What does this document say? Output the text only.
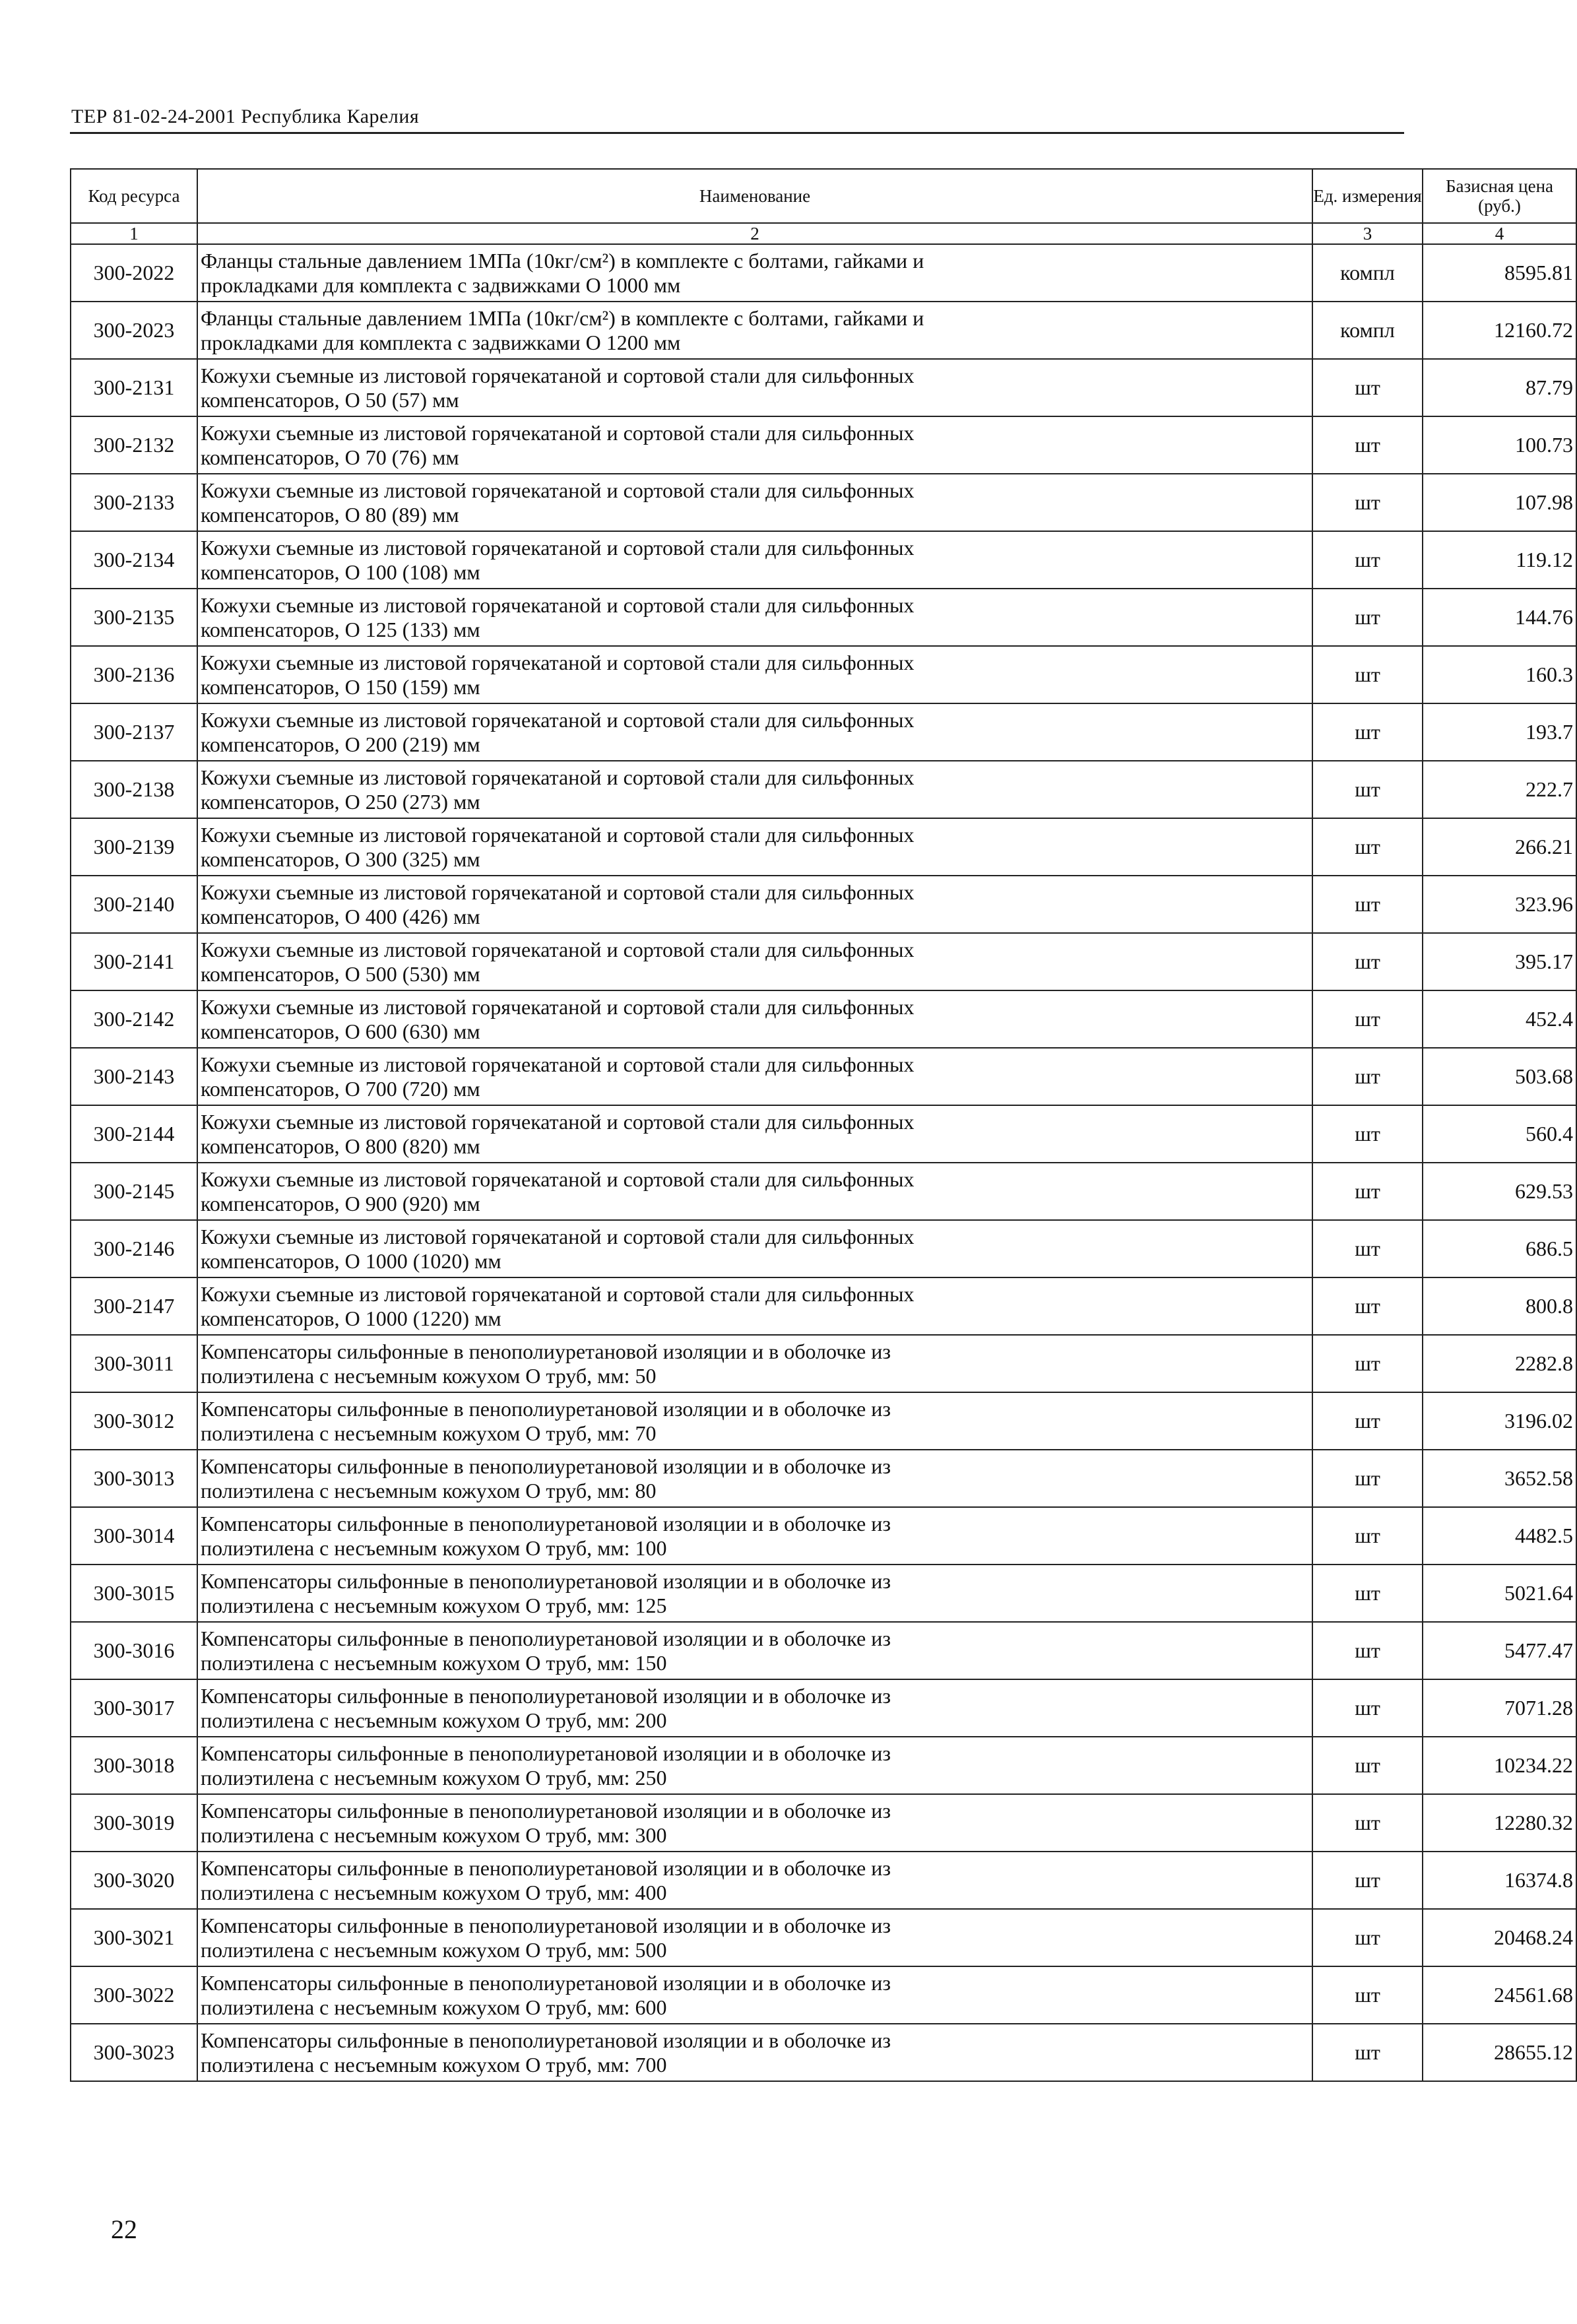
ТЕР 81-02-24-2001 Республика Карелия
Код ресурса	Наименование	Ед. измерения	Базисная цена (руб.)
1	2	3	4
300-2022	Фланцы стальные давлением 1МПа (10кг/см²) в комплекте с болтами, гайками и
прокладками для комплекта с задвижками О 1000 мм	компл	8595.81
300-2023	Фланцы стальные давлением 1МПа (10кг/см²) в комплекте с болтами, гайками и
прокладками для комплекта с задвижками О 1200 мм	компл	12160.72
300-2131	Кожухи съемные из листовой горячекатаной и сортовой стали для сильфонных
компенсаторов, О 50 (57) мм	шт	87.79
300-2132	Кожухи съемные из листовой горячекатаной и сортовой стали для сильфонных
компенсаторов, О 70 (76) мм	шт	100.73
300-2133	Кожухи съемные из листовой горячекатаной и сортовой стали для сильфонных
компенсаторов, О 80 (89) мм	шт	107.98
300-2134	Кожухи съемные из листовой горячекатаной и сортовой стали для сильфонных
компенсаторов, О 100 (108) мм	шт	119.12
300-2135	Кожухи съемные из листовой горячекатаной и сортовой стали для сильфонных
компенсаторов, О 125 (133) мм	шт	144.76
300-2136	Кожухи съемные из листовой горячекатаной и сортовой стали для сильфонных
компенсаторов, О 150 (159) мм	шт	160.3
300-2137	Кожухи съемные из листовой горячекатаной и сортовой стали для сильфонных
компенсаторов, О 200 (219) мм	шт	193.7
300-2138	Кожухи съемные из листовой горячекатаной и сортовой стали для сильфонных
компенсаторов, О 250 (273) мм	шт	222.7
300-2139	Кожухи съемные из листовой горячекатаной и сортовой стали для сильфонных
компенсаторов, О 300 (325) мм	шт	266.21
300-2140	Кожухи съемные из листовой горячекатаной и сортовой стали для сильфонных
компенсаторов, О 400 (426) мм	шт	323.96
300-2141	Кожухи съемные из листовой горячекатаной и сортовой стали для сильфонных
компенсаторов, О 500 (530) мм	шт	395.17
300-2142	Кожухи съемные из листовой горячекатаной и сортовой стали для сильфонных
компенсаторов, О 600 (630) мм	шт	452.4
300-2143	Кожухи съемные из листовой горячекатаной и сортовой стали для сильфонных
компенсаторов, О 700 (720) мм	шт	503.68
300-2144	Кожухи съемные из листовой горячекатаной и сортовой стали для сильфонных
компенсаторов, О 800 (820) мм	шт	560.4
300-2145	Кожухи съемные из листовой горячекатаной и сортовой стали для сильфонных
компенсаторов, О 900 (920) мм	шт	629.53
300-2146	Кожухи съемные из листовой горячекатаной и сортовой стали для сильфонных
компенсаторов, О 1000 (1020) мм	шт	686.5
300-2147	Кожухи съемные из листовой горячекатаной и сортовой стали для сильфонных
компенсаторов, О 1000 (1220) мм	шт	800.8
300-3011	Компенсаторы сильфонные в пенополиуретановой изоляции и в оболочке из
полиэтилена с несъемным кожухом О труб, мм: 50	шт	2282.8
300-3012	Компенсаторы сильфонные в пенополиуретановой изоляции и в оболочке из
полиэтилена с несъемным кожухом О труб, мм: 70	шт	3196.02
300-3013	Компенсаторы сильфонные в пенополиуретановой изоляции и в оболочке из
полиэтилена с несъемным кожухом О труб, мм: 80	шт	3652.58
300-3014	Компенсаторы сильфонные в пенополиуретановой изоляции и в оболочке из
полиэтилена с несъемным кожухом О труб, мм: 100	шт	4482.5
300-3015	Компенсаторы сильфонные в пенополиуретановой изоляции и в оболочке из
полиэтилена с несъемным кожухом О труб, мм: 125	шт	5021.64
300-3016	Компенсаторы сильфонные в пенополиуретановой изоляции и в оболочке из
полиэтилена с несъемным кожухом О труб, мм: 150	шт	5477.47
300-3017	Компенсаторы сильфонные в пенополиуретановой изоляции и в оболочке из
полиэтилена с несъемным кожухом О труб, мм: 200	шт	7071.28
300-3018	Компенсаторы сильфонные в пенополиуретановой изоляции и в оболочке из
полиэтилена с несъемным кожухом О труб, мм: 250	шт	10234.22
300-3019	Компенсаторы сильфонные в пенополиуретановой изоляции и в оболочке из
полиэтилена с несъемным кожухом О труб, мм: 300	шт	12280.32
300-3020	Компенсаторы сильфонные в пенополиуретановой изоляции и в оболочке из
полиэтилена с несъемным кожухом О труб, мм: 400	шт	16374.8
300-3021	Компенсаторы сильфонные в пенополиуретановой изоляции и в оболочке из
полиэтилена с несъемным кожухом О труб, мм: 500	шт	20468.24
300-3022	Компенсаторы сильфонные в пенополиуретановой изоляции и в оболочке из
полиэтилена с несъемным кожухом О труб, мм: 600	шт	24561.68
300-3023	Компенсаторы сильфонные в пенополиуретановой изоляции и в оболочке из
полиэтилена с несъемным кожухом О труб, мм: 700	шт	28655.12
22
